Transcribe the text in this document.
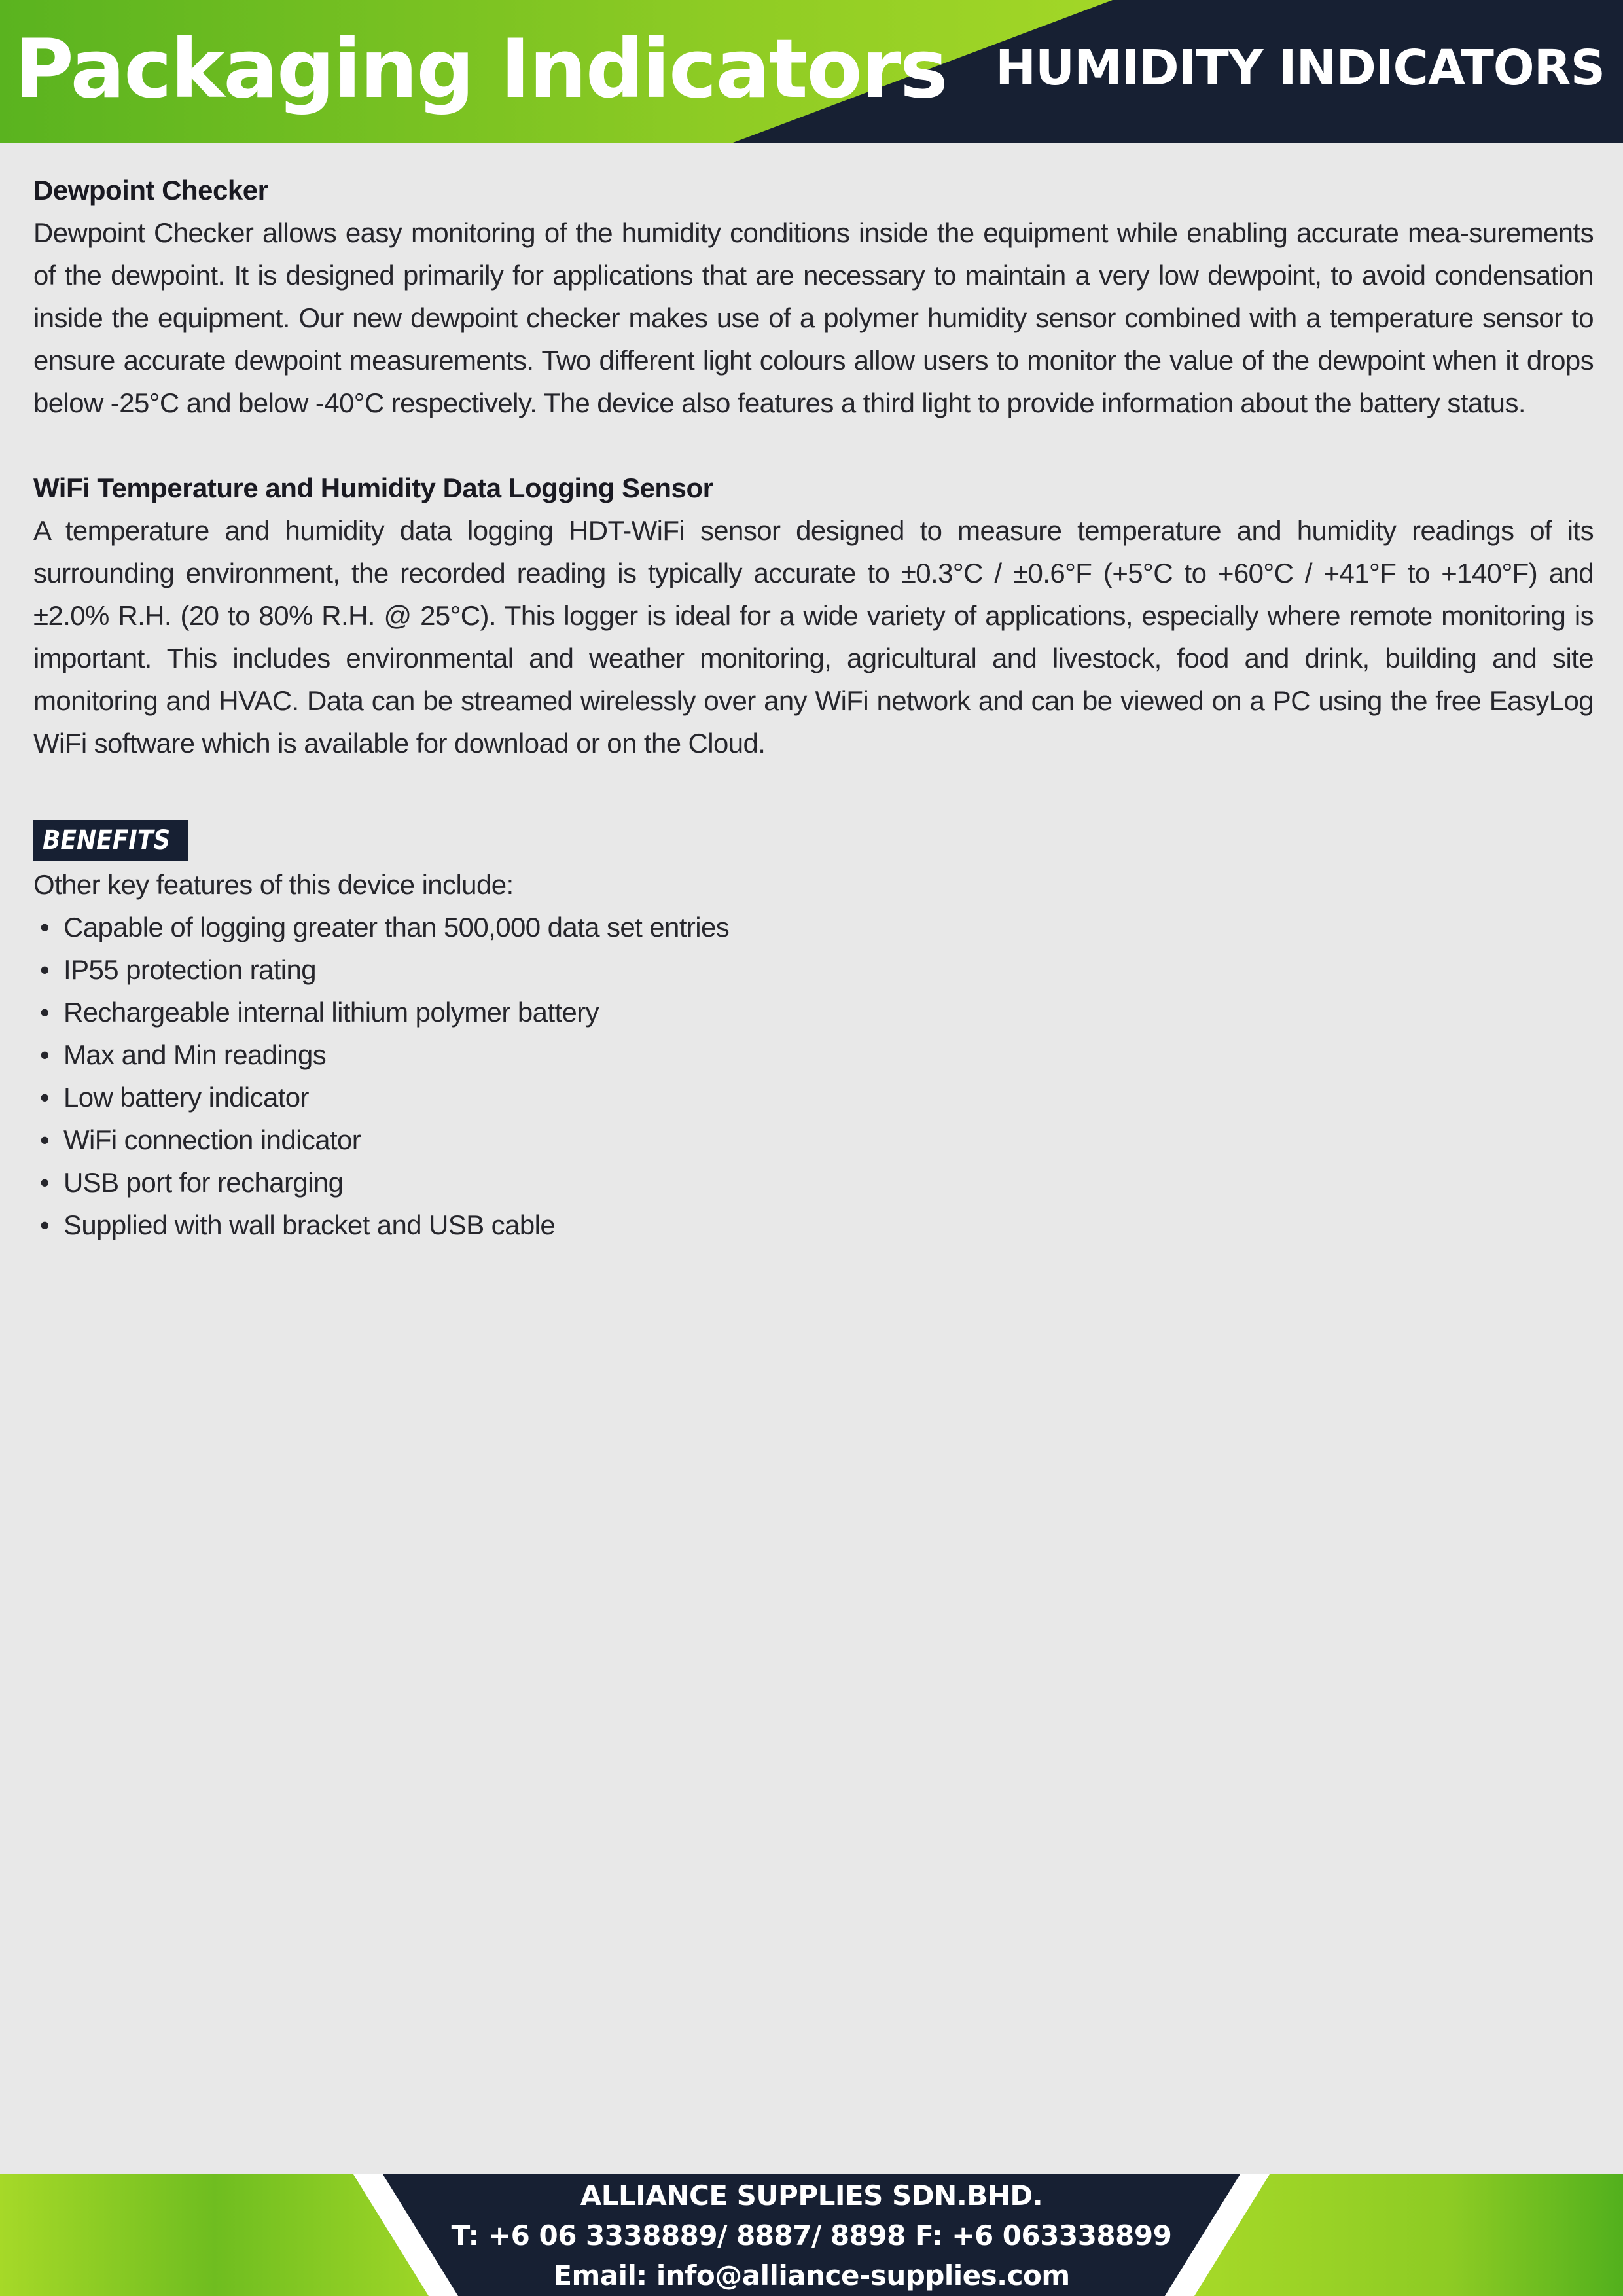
Packaging Indicators HUMIDITY INDICATORS

Dewpoint Checker

Dewpoint Checker allows easy monitoring of the humidity conditions inside the equipment while enabling accurate mea-surements of the dewpoint. It is designed primarily for applications that are necessary to maintain a very low dewpoint, to avoid condensation inside the equipment. Our new dewpoint checker makes use of a polymer humidity sensor combined with a temperature sensor to ensure accurate dewpoint measurements. Two different light colours allow users to monitor the value of the dewpoint when it drops below -25°C and below -40°C respectively. The device also features a third light to provide information about the battery status.

WiFi Temperature and Humidity Data Logging Sensor

A temperature and humidity data logging HDT-WiFi sensor designed to measure temperature and humidity readings of its surrounding environment, the recorded reading is typically accurate to ±0.3°C / ±0.6°F (+5°C to +60°C / +41°F to +140°F) and ±2.0% R.H. (20 to 80% R.H. @ 25°C). This logger is ideal for a wide variety of applications, especially where remote monitoring is important. This includes environmental and weather monitoring, agricultural and livestock, food and drink, building and site monitoring and HVAC. Data can be streamed wirelessly over any WiFi network and can be viewed on a PC using the free EasyLog WiFi software which is available for download or on the Cloud.

BENEFITS

Other key features of this device include:

• Capable of logging greater than 500,000 data set entries
• IP55 protection rating
• Rechargeable internal lithium polymer battery
• Max and Min readings
• Low battery indicator
• WiFi connection indicator
• USB port for recharging
• Supplied with wall bracket and USB cable
ALLIANCE SUPPLIES SDN.BHD.
T: +6 06 3338889/ 8887/ 8898 F: +6 063338899
Email: info@alliance-supplies.com
